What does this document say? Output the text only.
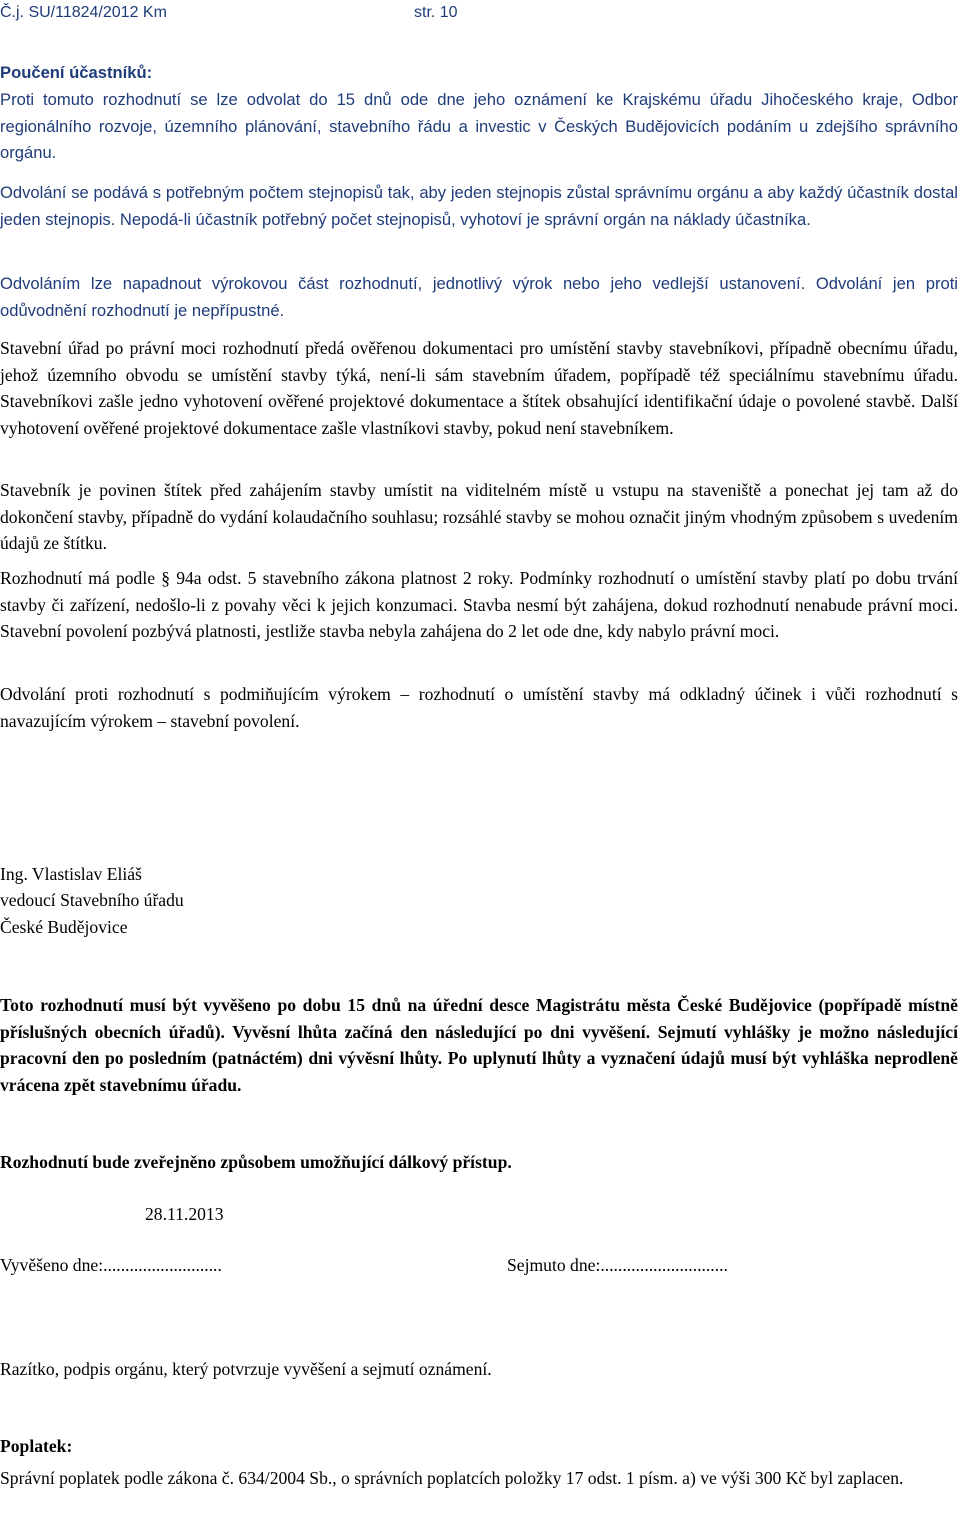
Č.j. SU/11824/2012 Km	str. 10

Poučení účastníků:

Proti tomuto rozhodnutí se lze odvolat do 15 dnů ode dne jeho oznámení ke Krajskému úřadu Jihočeského kraje, Odbor regionálního rozvoje, územního plánování, stavebního řádu a investic v Českých Budějovicích podáním u zdejšího správního orgánu.

Odvolání se podává s potřebným počtem stejnopisů tak, aby jeden stejnopis zůstal správnímu orgánu a aby každý účastník dostal jeden stejnopis. Nepodá-li účastník potřebný počet stejnopisů, vyhotoví je správní orgán na náklady účastníka.

Odvoláním lze napadnout výrokovou část rozhodnutí, jednotlivý výrok nebo jeho vedlejší ustanovení. Odvolání jen proti odůvodnění rozhodnutí je nepřípustné.

Stavební úřad po právní moci rozhodnutí předá ověřenou dokumentaci pro umístění stavby stavebníkovi, případně obecnímu úřadu, jehož územního obvodu se umístění stavby týká, není-li sám stavebním úřadem, popřípadě též speciálnímu stavebnímu úřadu. Stavebníkovi zašle jedno vyhotovení ověřené projektové dokumentace a štítek obsahující identifikační údaje o povolené stavbě. Další vyhotovení ověřené projektové dokumentace zašle vlastníkovi stavby, pokud není stavebníkem.

Stavebník je povinen štítek před zahájením stavby umístit na viditelném místě u vstupu na staveniště a ponechat jej tam až do dokončení stavby, případně do vydání kolaudačního souhlasu; rozsáhlé stavby se mohou označit jiným vhodným způsobem s uvedením údajů ze štítku.

Rozhodnutí má podle § 94a odst. 5 stavebního zákona platnost 2 roky. Podmínky rozhodnutí o umístění stavby platí po dobu trvání stavby či zařízení, nedošlo-li z povahy věci k jejich konzumaci. Stavba nesmí být zahájena, dokud rozhodnutí nenabude právní moci. Stavební povolení pozbývá platnosti, jestliže stavba nebyla zahájena do 2 let ode dne, kdy nabylo právní moci.

Odvolání proti rozhodnutí s podmiňujícím výrokem – rozhodnutí o umístění stavby má odkladný účinek i vůči rozhodnutí s navazujícím výrokem – stavební povolení.

Ing. Vlastislav Eliáš

vedoucí Stavebního úřadu

České Budějovice

Toto rozhodnutí musí být vyvěšeno po dobu 15 dnů na úřední desce Magistrátu města České Budějovice (popřípadě místně příslušných obecních úřadů). Vyvěsní lhůta začíná den následující po dni vyvěšení. Sejmutí vyhlášky je možno následující pracovní den po posledním (patnáctém) dni vývěsní lhůty. Po uplynutí lhůty a vyznačení údajů musí být vyhláška neprodleně vrácena zpět stavebnímu úřadu.

Rozhodnutí bude zveřejněno způsobem umožňující dálkový přístup.

28.11.2013

Vyvěšeno dne:...........................	Sejmuto dne:.............................

Razítko, podpis orgánu, který potvrzuje vyvěšení a sejmutí oznámení.

Poplatek:

Správní poplatek podle zákona č. 634/2004 Sb., o správních poplatcích položky 17 odst. 1 písm. a) ve výši 300 Kč byl zaplacen.
